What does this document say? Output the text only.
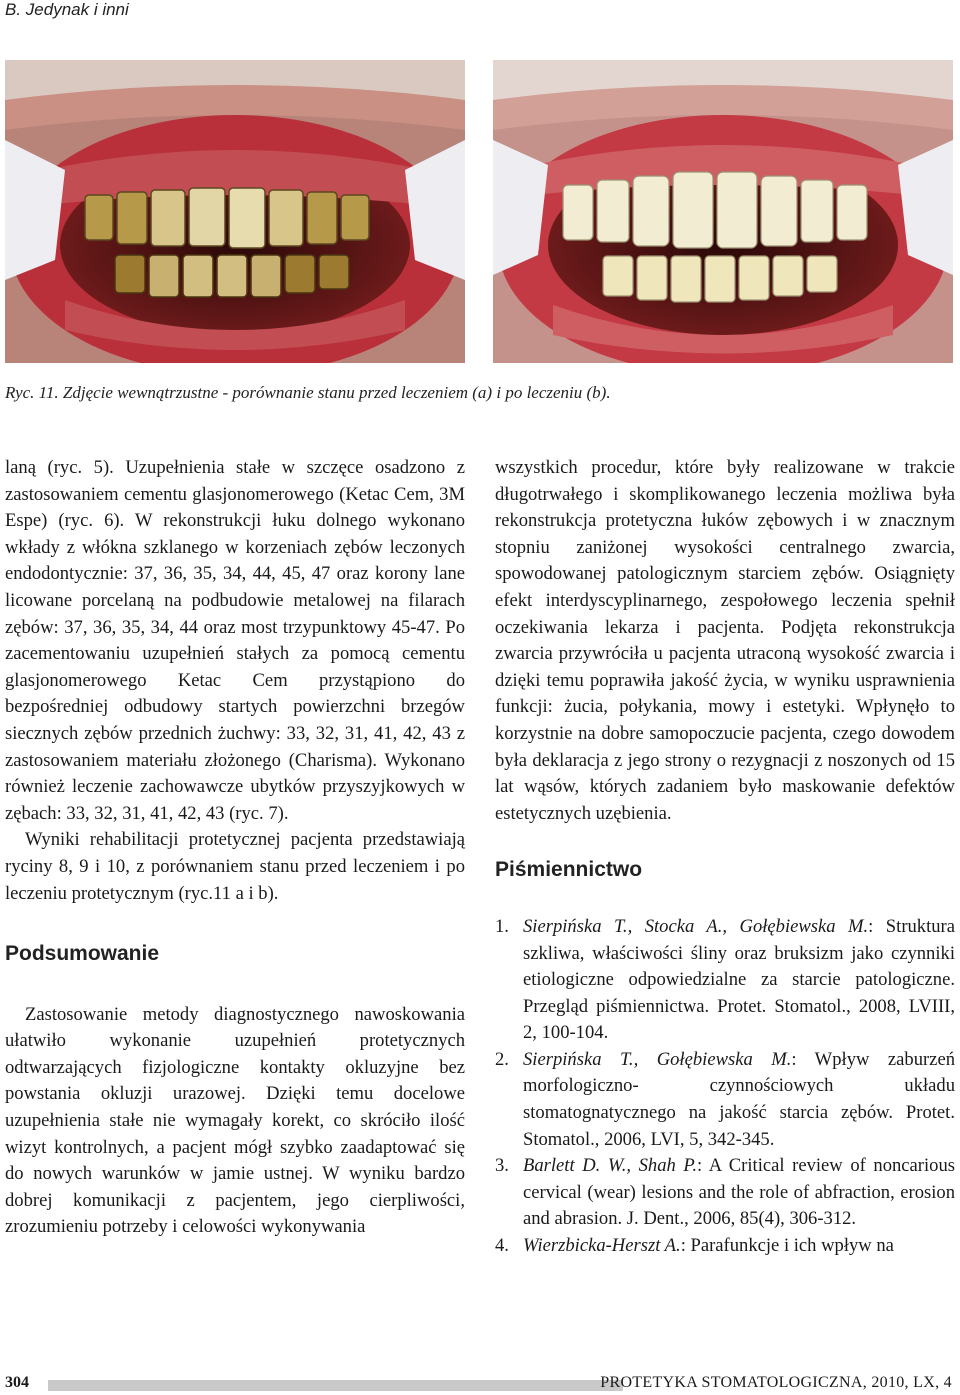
B. Jedynak i inni
Ryc. 11. Zdjęcie wewnątrzustne - porównanie stanu przed leczeniem (a) i po leczeniu (b).

laną (ryc. 5). Uzupełnienia stałe w szczęce osadzono z zastosowaniem cementu glasjonomerowego (Ketac Cem, 3M Espe) (ryc. 6). W rekonstrukcji łuku dolnego wykonano wkłady z włókna szklanego w korzeniach zębów leczonych endodontycznie: 37, 36, 35, 34, 44, 45, 47 oraz korony lane licowane porcelaną na podbudowie metalowej na filarach zębów: 37, 36, 35, 34, 44 oraz most trzypunktowy 45-47. Po zacementowaniu uzupełnień stałych za pomocą cementu glasjonomerowego Ketac Cem przystąpiono do bezpośredniej odbudowy startych powierzchni brzegów siecznych zębów przednich żuchwy: 33, 32, 31, 41, 42, 43 z zastosowaniem materiału złożonego (Charisma). Wykonano również leczenie zachowawcze ubytków przyszyjkowych w zębach: 33, 32, 31, 41, 42, 43 (ryc. 7).

Wyniki rehabilitacji protetycznej pacjenta przedstawiają ryciny 8, 9 i 10, z porównaniem stanu przed leczeniem i po leczeniu protetycznym (ryc.11 a i b).

Podsumowanie

Zastosowanie metody diagnostycznego nawoskowania ułatwiło wykonanie uzupełnień protetycznych odtwarzających fizjologiczne kontakty okluzyjne bez powstania okluzji urazowej. Dzięki temu docelowe uzupełnienia stałe nie wymagały korekt, co skróciło ilość wizyt kontrolnych, a pacjent mógł szybko zaadaptować się do nowych warunków w jamie ustnej. W wyniku bardzo dobrej komunikacji z pacjentem, jego cierpliwości, zrozumieniu potrzeby i celowości wykonywania

wszystkich procedur, które były realizowane w trakcie długotrwałego i skomplikowanego leczenia możliwa była rekonstrukcja protetyczna łuków zębowych i w znacznym stopniu zaniżonej wysokości centralnego zwarcia, spowodowanej patologicznym starciem zębów. Osiągnięty efekt interdyscyplinarnego, zespołowego leczenia spełnił oczekiwania lekarza i pacjenta. Podjęta rekonstrukcja zwarcia przywróciła u pacjenta utraconą wysokość zwarcia i dzięki temu poprawiła jakość życia, w wyniku usprawnienia funkcji: żucia, połykania, mowy i estetyki. Wpłynęło to korzystnie na dobre samopoczucie pacjenta, czego dowodem była deklaracja z jego strony o rezygnacji z noszonych od 15 lat wąsów, których zadaniem było maskowanie defektów estetycznych uzębienia.

Piśmiennictwo
1. Sierpińska T., Stocka A., Gołębiewska M.: Struktura szkliwa, właściwości śliny oraz bruksizm jako czynniki etiologiczne odpowiedzialne za starcie patologiczne. Przegląd piśmiennictwa. Protet. Stomatol., 2008, LVIII, 2, 100-104.
2. Sierpińska T., Gołębiewska M.: Wpływ zaburzeń morfologiczno- czynnościowych układu stomatognatycznego na jakość starcia zębów. Protet. Stomatol., 2006, LVI, 5, 342-345.
3. Barlett D. W., Shah P.: A Critical review of noncarious cervical (wear) lesions and the role of abfraction, erosion and abrasion. J. Dent., 2006, 85(4), 306-312.
4. Wierzbicka-Herszt A.: Parafunkcje i ich wpływ na
304	PROTETYKA STOMATOLOGICZNA, 2010, LX, 4
